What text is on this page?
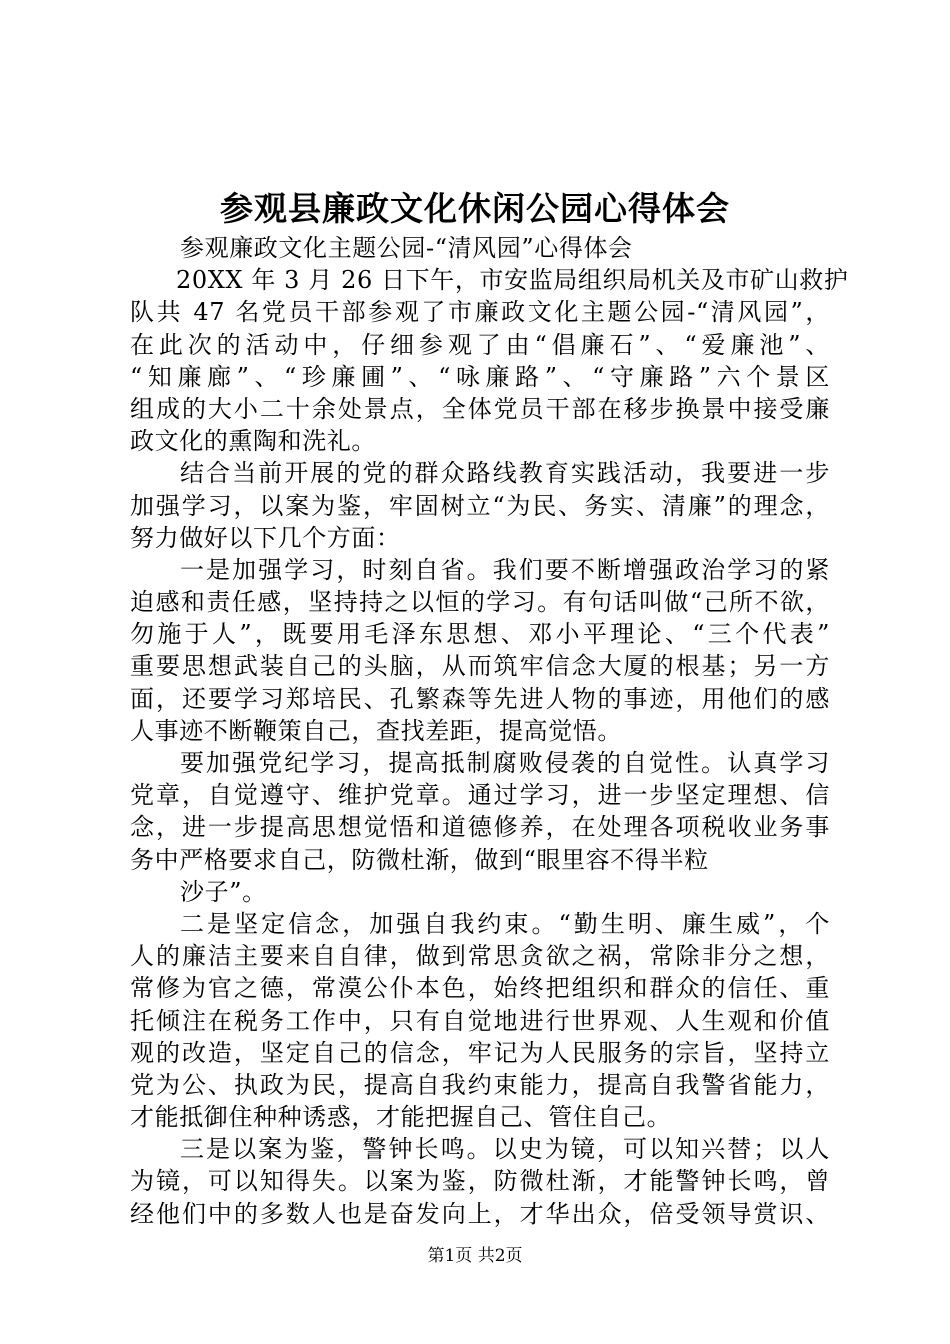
参观县廉政文化休闲公园心得体会
参观廉政文化主题公园-“清风园”心得体会
20XX 年 3 月 26 日下午，市安监局组织局机关及市矿山救护
队共 47 名党员干部参观了市廉政文化主题公园-“清风园”，
在此次的活动中，仔细参观了由“倡廉石”、“爱廉池”、
“知廉廊”、“珍廉圃”、“咏廉路”、“守廉路”六个景区
组成的大小二十余处景点，全体党员干部在移步换景中接受廉
政文化的熏陶和洗礼。
结合当前开展的党的群众路线教育实践活动，我要进一步
加强学习，以案为鉴，牢固树立“为民、务实、清廉”的理念，
努力做好以下几个方面：
一是加强学习，时刻自省。我们要不断增强政治学习的紧
迫感和责任感，坚持持之以恒的学习。有句话叫做“己所不欲，
勿施于人”，既要用毛泽东思想、邓小平理论、“三个代表”
重要思想武装自己的头脑，从而筑牢信念大厦的根基；另一方
面，还要学习郑培民、孔繁森等先进人物的事迹，用他们的感
人事迹不断鞭策自己，查找差距，提高觉悟。
要加强党纪学习，提高抵制腐败侵袭的自觉性。认真学习
党章，自觉遵守、维护党章。通过学习，进一步坚定理想、信
念，进一步提高思想觉悟和道德修养，在处理各项税收业务事
务中严格要求自己，防微杜渐，做到“眼里容不得半粒
沙子”。
二是坚定信念，加强自我约束。“勤生明、廉生威”，个
人的廉洁主要来自自律，做到常思贪欲之祸，常除非分之想，
常修为官之德，常漠公仆本色，始终把组织和群众的信任、重
托倾注在税务工作中，只有自觉地进行世界观、人生观和价值
观的改造，坚定自己的信念，牢记为人民服务的宗旨，坚持立
党为公、执政为民，提高自我约束能力，提高自我警省能力，
才能抵御住种种诱惑，才能把握自己、管住自己。
三是以案为鉴，警钟长鸣。以史为镜，可以知兴替；以人
为镜，可以知得失。以案为鉴，防微杜渐，才能警钟长鸣，曾
经他们中的多数人也是奋发向上，才华出众，倍受领导赏识、
第1页 共2页
